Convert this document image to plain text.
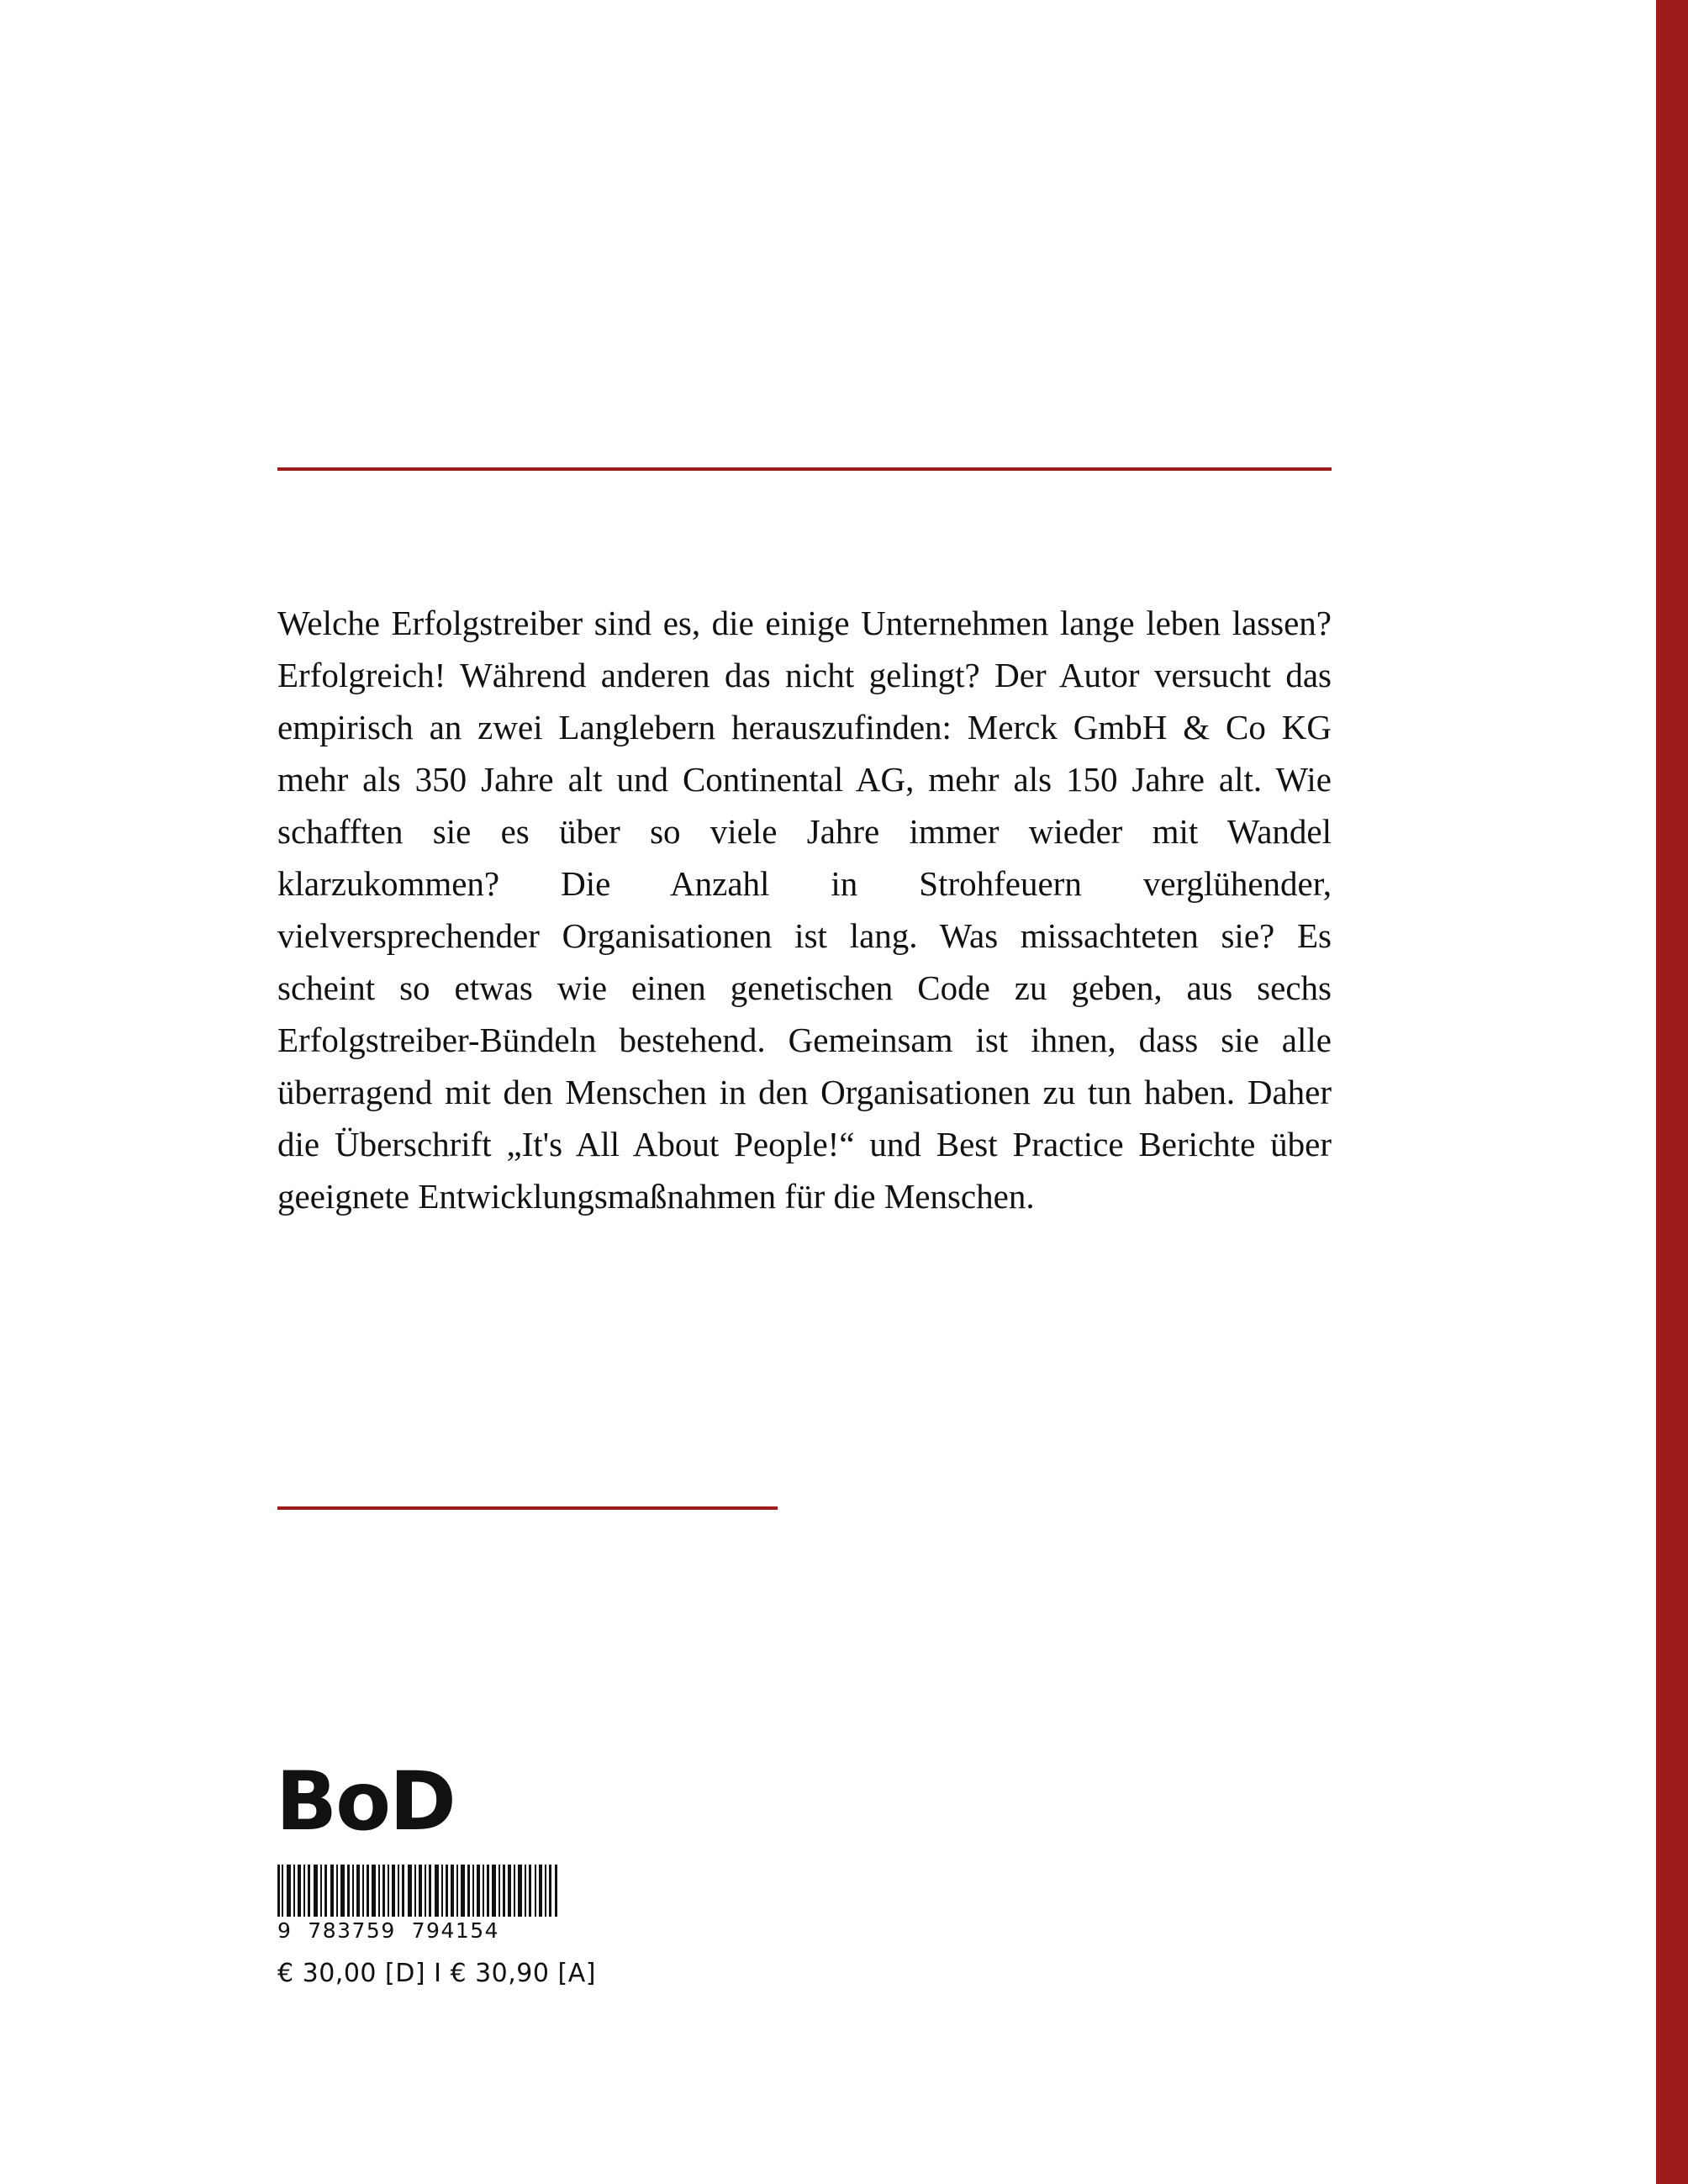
Welche Erfolgstreiber sind es, die einige Unternehmen lange leben lassen? Erfolgreich! Während anderen das nicht gelingt? Der Autor versucht das empirisch an zwei Langlebern herauszufinden: Merck GmbH & Co KG mehr als 350 Jahre alt und Continental AG, mehr als 150 Jahre alt. Wie schafften sie es über so viele Jahre immer wieder mit Wandel klarzukommen? Die Anzahl in Strohfeuern verglühender, vielversprechender Organisationen ist lang. Was missachteten sie? Es scheint so etwas wie einen genetischen Code zu geben, aus sechs Erfolgstreiber-Bündeln bestehend. Gemeinsam ist ihnen, dass sie alle überragend mit den Menschen in den Organisationen zu tun haben. Daher die Überschrift „It's All About People!“ und Best Practice Berichte über geeignete Entwicklungsmaßnahmen für die Menschen.
BoD
9  783759  794154
€ 30,00 [D] I € 30,90 [A]
